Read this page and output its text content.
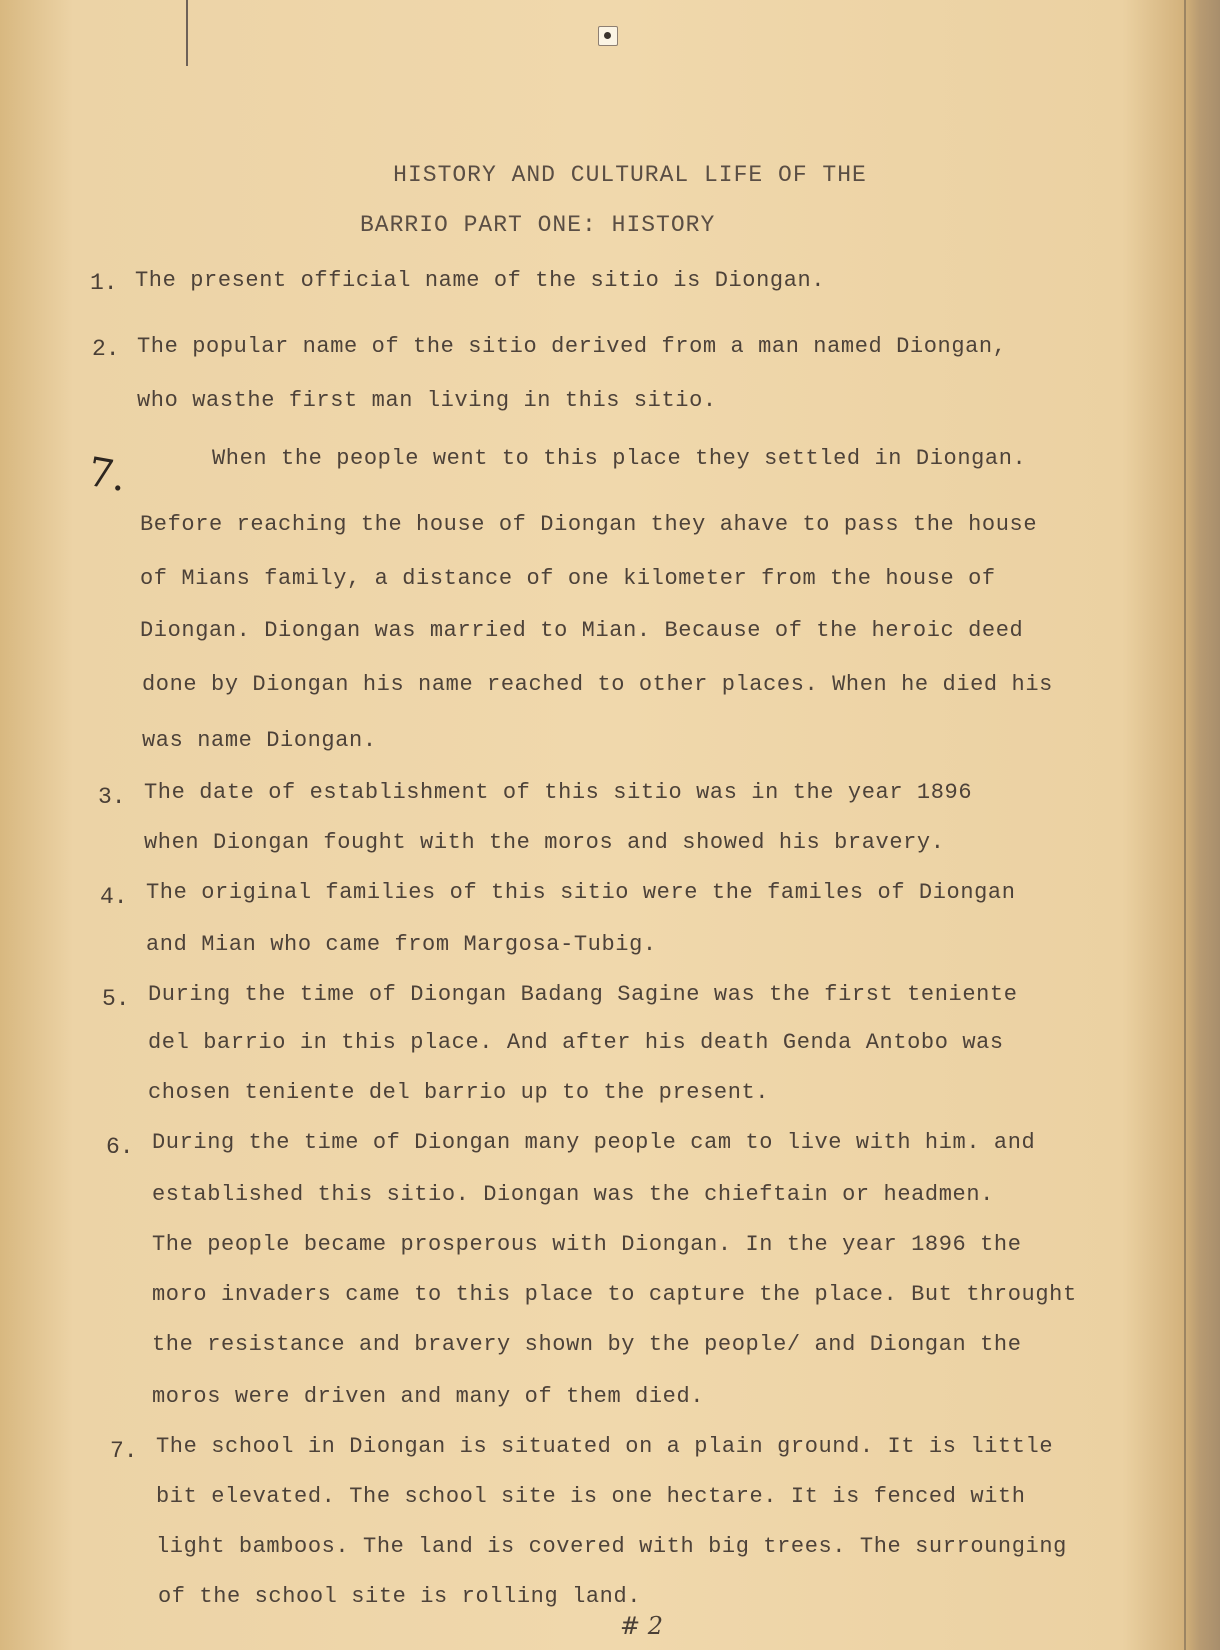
HISTORY AND CULTURAL LIFE OF THE
BARRIO PART ONE: HISTORY
1. The present official name of the sitio is Diongan.
2. The popular name of the sitio derived from a man named Diongan,
who wasthe first man living in this sitio.
7.	When the people went to this place they settled in Diongan.
Before reaching the house of Diongan they ahave to pass the house
of Mians family, a distance of one kilometer from the house of
Diongan. Diongan was married to Mian. Because of the heroic deed
done by Diongan his name reached to other places. When he died his
was name Diongan.
3. The date of establishment of this sitio was in the year 1896
when Diongan fought with the moros and showed his bravery.
4. The original families of this sitio were the familes of Diongan
and Mian who came from Margosa-Tubig.
5. During the time of Diongan Badang Sagine was the first teniente
del barrio in this place. And after his death Genda Antobo was
chosen teniente del barrio up to the present.
6. During the time of Diongan many people cam to live with him. and
established this sitio. Diongan was the chieftain or headmen.
The people became prosperous with Diongan. In the year 1896 the
moro invaders came to this place to capture the place. But throught
the resistance and bravery shown by the people/ and Diongan the
moros were driven and many of them died.
7. The school in Diongan is situated on a plain ground. It is little
bit elevated. The school site is one hectare. It is fenced with
light bamboos. The land is covered with big trees. The surrounging
of the school site is rolling land.
# 2
